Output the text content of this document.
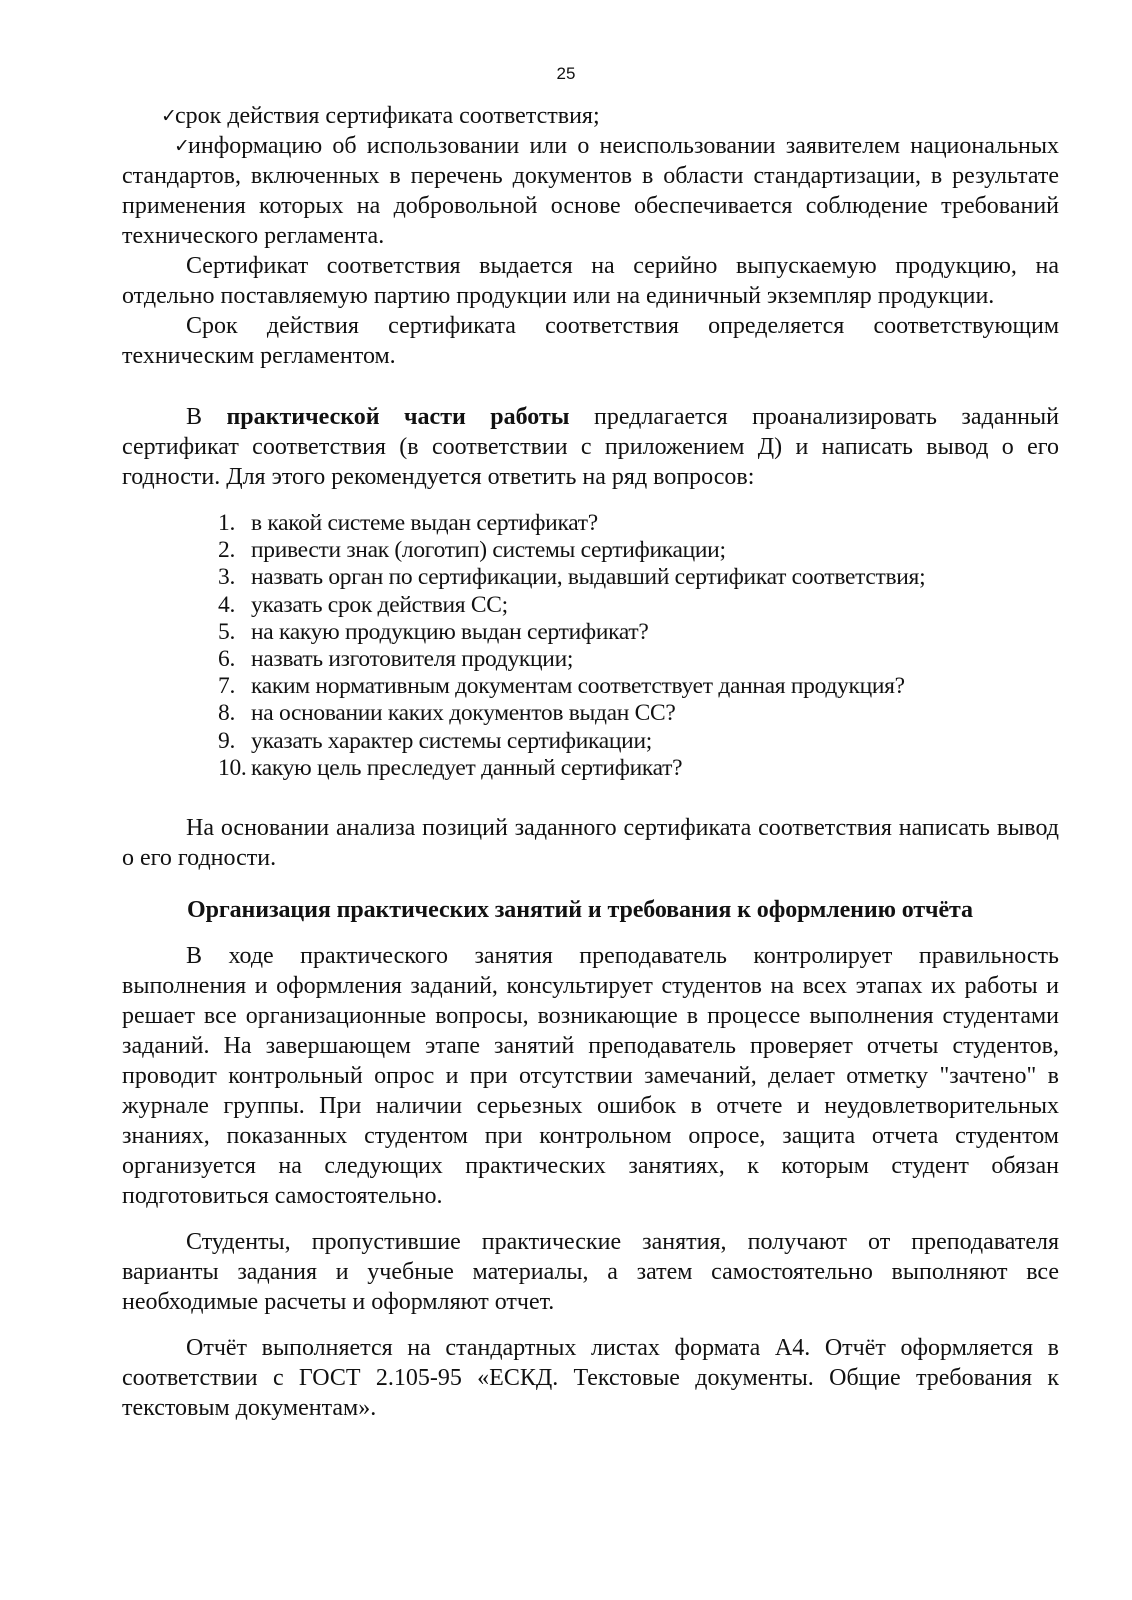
25
✓
срок действия сертификата соответствия;
✓
информацию об использовании или о неиспользовании заявителем национальных стандартов, включенных в перечень документов в области стандартизации, в результате применения которых на добровольной основе обеспечивается соблюдение требований технического регламента.

Сертификат соответствия выдается на серийно выпускаемую продукцию, на отдельно поставляемую партию продукции или на единичный экземпляр продукции.

Срок действия сертификата соответствия определяется соответствующим техническим регламентом.

В практической части работы предлагается проанализировать заданный сертификат соответствия (в соответствии с приложением Д) и написать вывод о его годности. Для этого рекомендуется ответить на ряд вопросов:

1. в какой системе выдан сертификат?
2. привести знак (логотип) системы сертификации;
3. назвать орган по сертификации, выдавший сертификат соответствия;
4. указать срок действия СС;
5. на какую продукцию выдан сертификат?
6. назвать изготовителя продукции;
7. каким нормативным документам соответствует данная продукция?
8. на основании каких документов выдан СС?
9. указать характер системы сертификации;
10. какую цель преследует данный сертификат?

На основании анализа позиций заданного сертификата соответствия написать вывод о его годности.

Организация практических занятий и требования к оформлению отчёта

В ходе практического занятия преподаватель контролирует правильность выполнения и оформления заданий, консультирует студентов на всех этапах их работы и решает все организационные вопросы, возникающие в процессе выполнения студентами заданий. На завершающем этапе занятий преподаватель проверяет отчеты студентов, проводит контрольный опрос и при отсутствии замечаний, делает отметку "зачтено" в журнале группы. При наличии серьезных ошибок в отчете и неудовлетворительных знаниях, показанных студентом при контрольном опросе, защита отчета студентом организуется на следующих практических занятиях, к которым студент обязан подготовиться самостоятельно.

Студенты, пропустившие практические занятия, получают от преподавателя варианты задания и учебные материалы, а затем самостоятельно выполняют все необходимые расчеты и оформляют отчет.

Отчёт выполняется на стандартных листах формата А4. Отчёт оформляется в соответствии с ГОСТ 2.105-95 «ЕСКД. Текстовые документы. Общие требования к текстовым документам».
